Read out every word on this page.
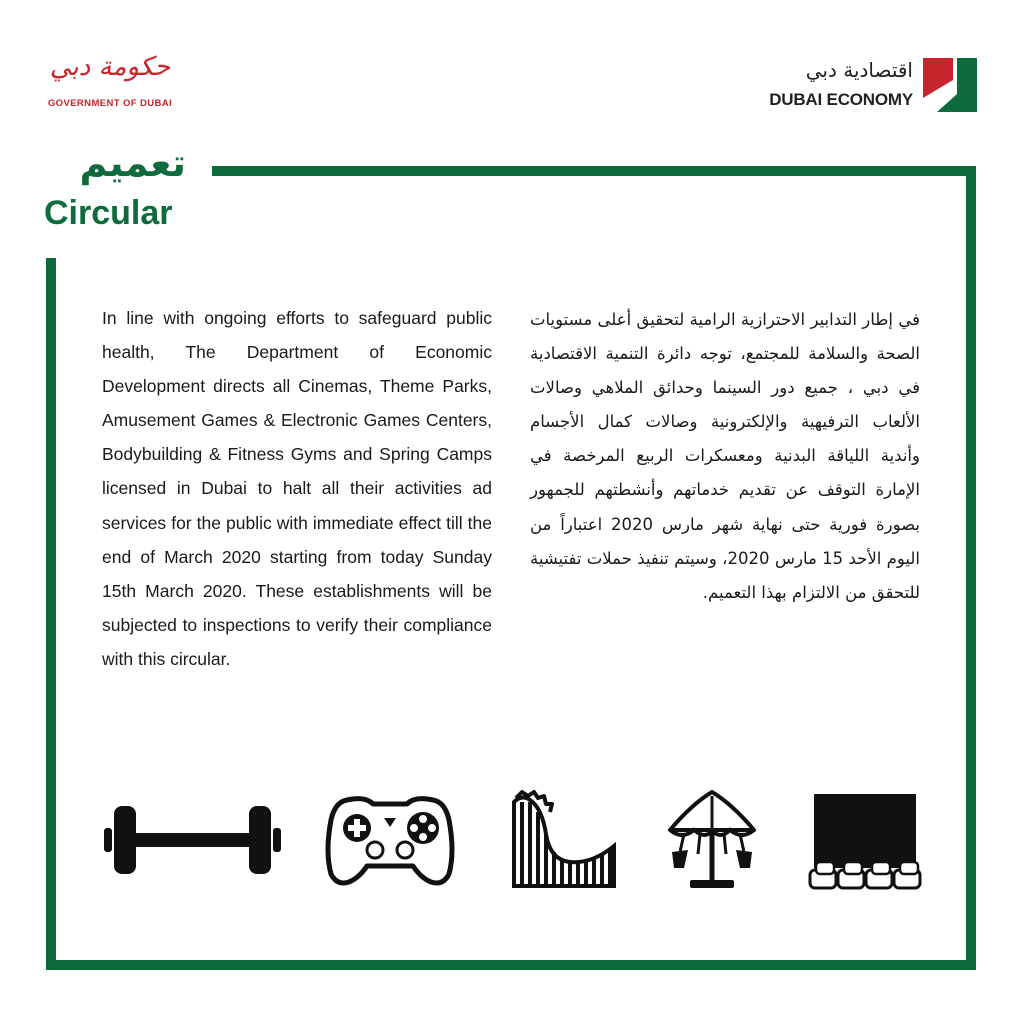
حكومة دبي
GOVERNMENT OF DUBAI
اقتصادية دبي
DUBAI ECONOMY
تعميم
Circular
In line with ongoing efforts to safeguard public health, The Department of Economic Development directs all Cinemas, Theme Parks, Amusement Games & Electronic Games Centers, Bodybuilding & Fitness Gyms and Spring Camps licensed in Dubai to halt all their activities ad services for the public with immediate effect till the end of March 2020 starting from today Sunday 15th March 2020. These establishments will be subjected to inspections to verify their compliance with this circular.
في إطار التدابير الاحترازية الرامية لتحقيق أعلى مستويات الصحة والسلامة للمجتمع، توجه دائرة التنمية الاقتصادية في دبي ، جميع دور السينما وحدائق الملاهي وصالات الألعاب الترفيهية والإلكترونية وصالات كمال الأجسام وأندية اللياقة البدنية ومعسكرات الربيع المرخصة في الإمارة التوقف عن تقديم خدماتهم وأنشطتهم للجمهور بصورة فورية حتى نهاية شهر مارس 2020 اعتباراً من اليوم الأحد 15 مارس 2020، وسيتم تنفيذ حملات تفتيشية للتحقق من الالتزام بهذا التعميم.
